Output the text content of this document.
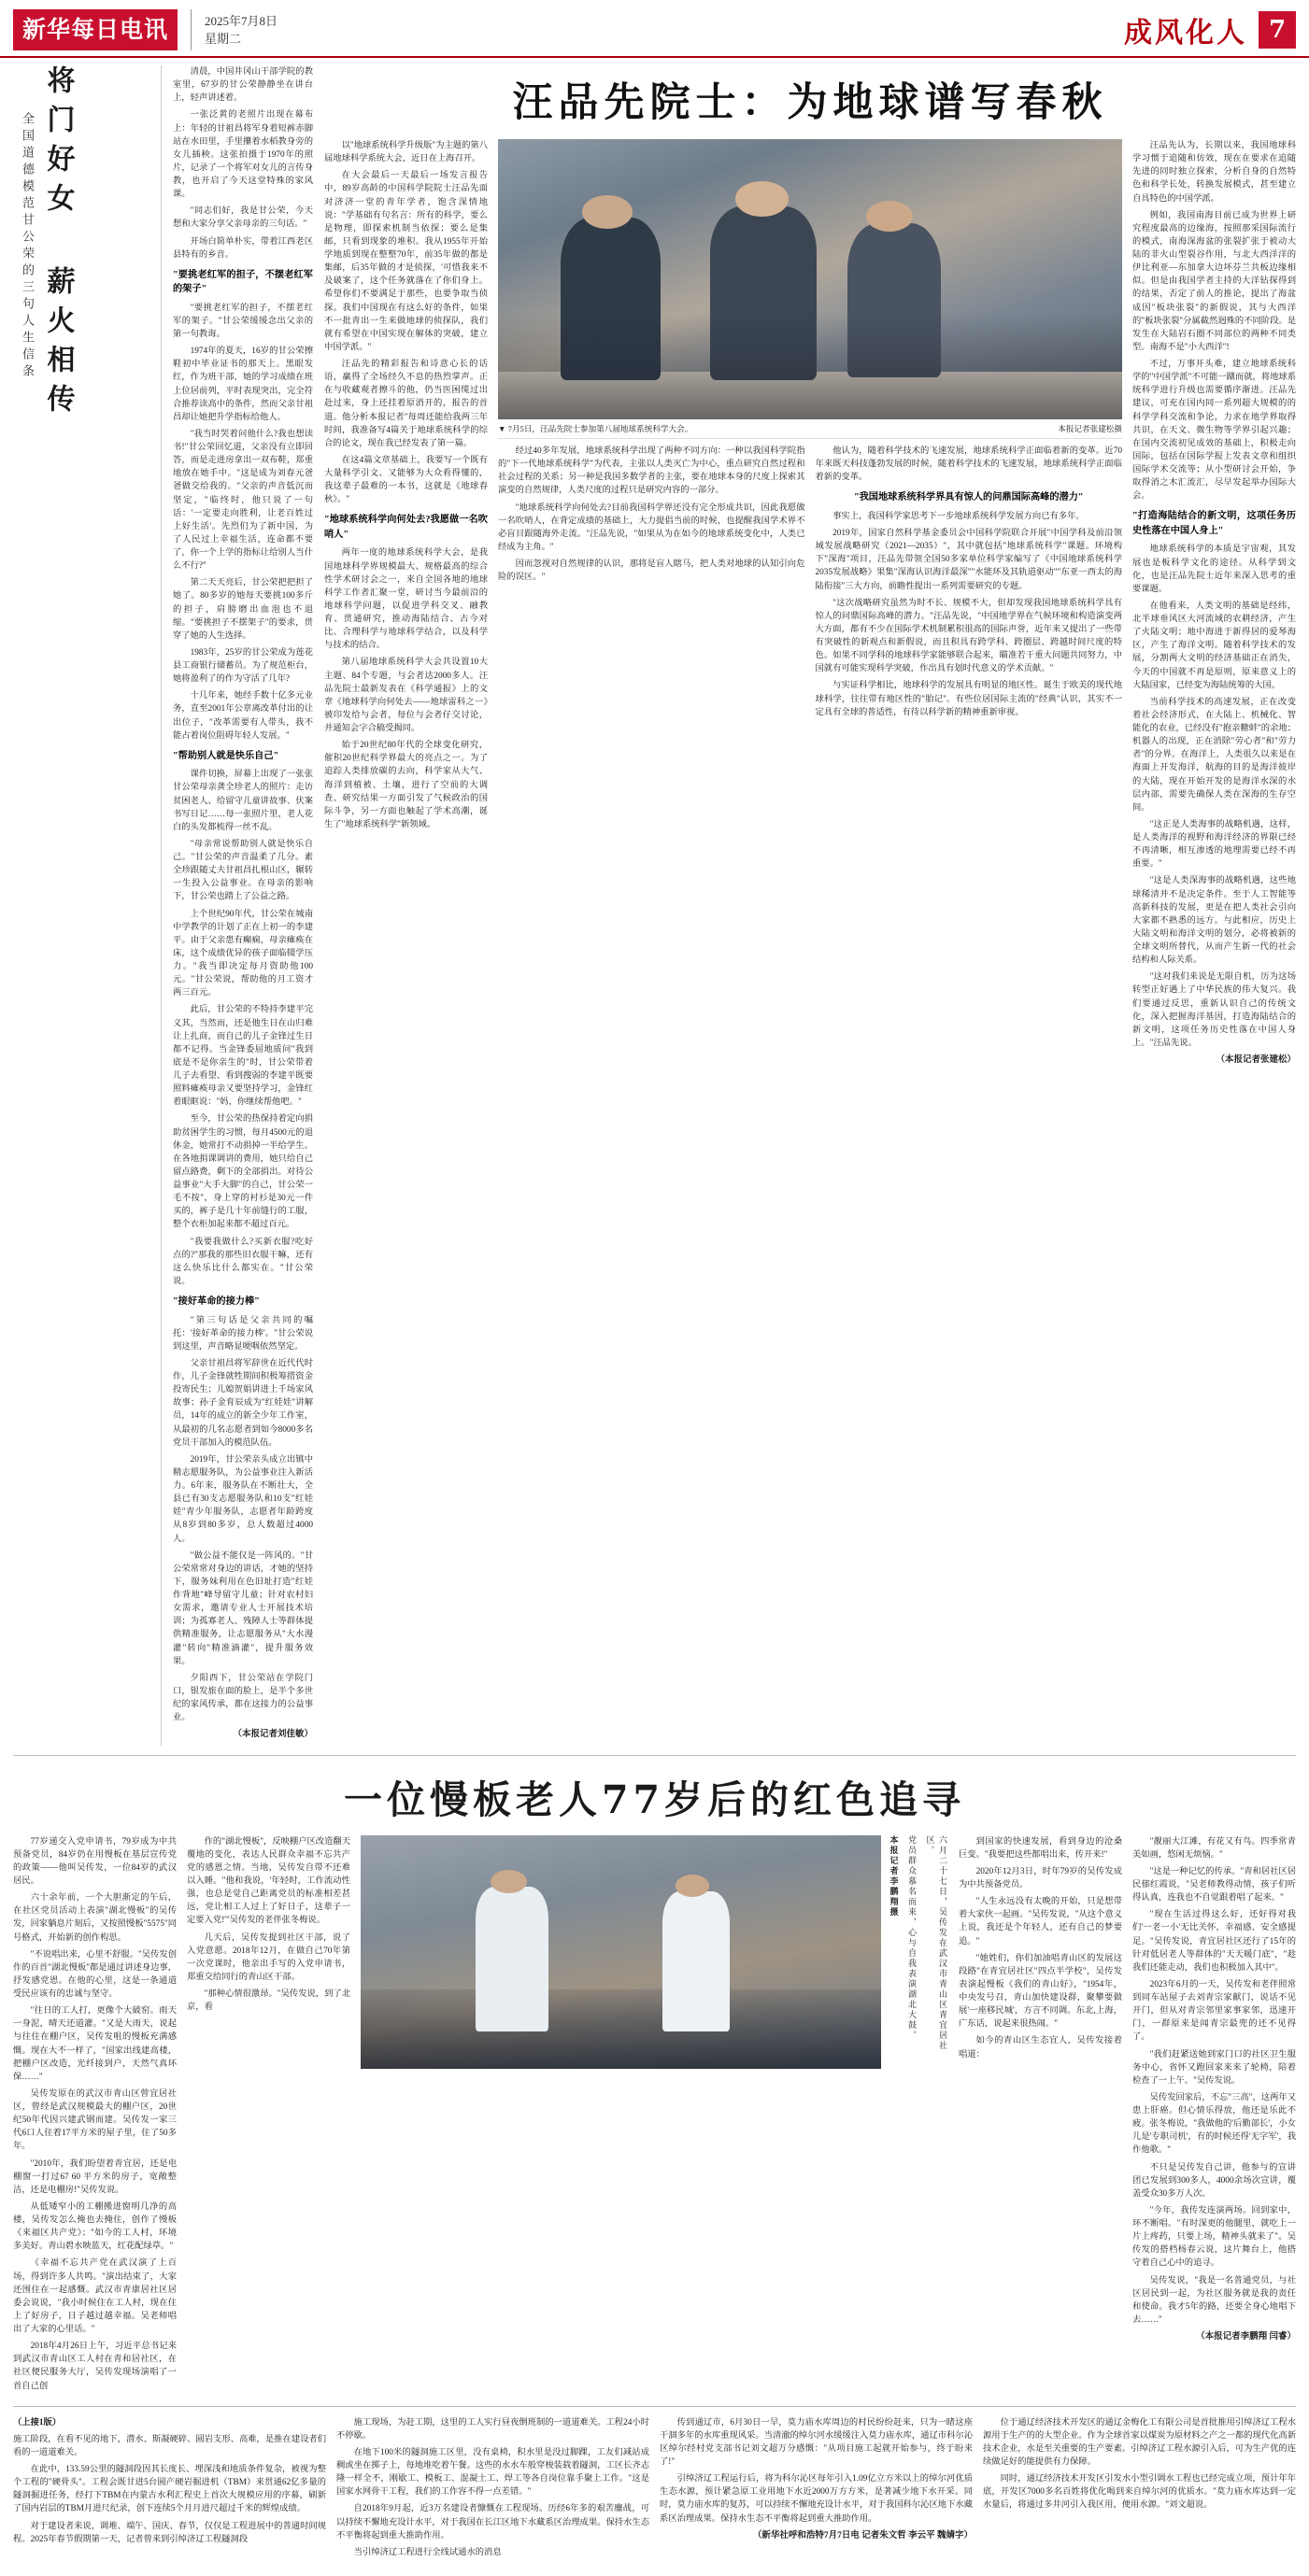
新华每日电讯	2025年7月8日
星期二	成风化人 7
将门好女 薪火相传
全国道德模范甘公荣的三句人生信条

清晨，中国井冈山干部学院的教室里，67岁的甘公荣静静坐在讲台上，轻声讲述着。

一张泛黄的老照片出现在幕布上：年轻的甘祖昌将军身着短裤赤脚站在水田里，手里攥着水稻教身旁的女儿插秧。这张拍摄于1970年的照片，记录了一个将军对女儿的言传身教，也开启了今天这堂特殊的家风课。

"同志们好，我是甘公荣，今天想和大家分享父亲母亲的三句话。"

开场白简单朴实，带着江西老区县特有的乡音。

"要挑老红军的担子，不摆老红军的架子"

"要挑老红军的担子，不摆老红军的架子。"甘公荣缓缓念出父亲的第一句教诲。

1974年的夏天，16岁的甘公荣擦鞋初中毕业证书的那天上。黑眼发红，作为班干部，她的学习成绩在班上位居前列，平时表现突出，完全符合推荐读高中的条件，然而父亲甘祖昌却让她把升学指标给他人。

"我当时哭着问他什么?我也想读书!"甘公荣回忆道，父亲没有立即回答，而是走进房拿出一双布鞋，郑重地放在她手中。"这是成为刘春元爸爸做交给我的。"父亲的声音低沉而坚定，"临终时，他只说了一句话：'一定要走向胜利，让老百姓过上好生活'。先烈们为了新中国，为了人民过上幸福生活，连命都不要了，你一个上学的指标让给别人当什么不行?"

第二天天亮后，甘公荣把把担了她了。80多岁的她每天要挑100多斤的担子，肩膀磨出血泡也不退缩。"要挑担子不摆架子"的要求，贯穿了她的人生选择。

1983年，25岁的甘公荣成为莲花县工商银行储蓄员。为了规范柜台，她将盈利了的作为守活了几年?

十几年来，她经手数十亿多元业务，直至2001年公章离改革付出的让出位子，"改革需要有人带头，我不能占着岗位阻碍年轻人发展。"

"帮助别人就是快乐自己"

课件切换，屏幕上出现了一张张甘公荣母亲龚全珍老人的照片：走访贫困老人、给留守儿童讲故事、伏案书写日记……每一张照片里，老人花白的头发都梳得一丝不乱。

"母亲常说帮助别人就是快乐自己。"甘公荣的声音温柔了几分。素全珍跟随丈夫甘祖昌扎根山区，辗转一生投入公益事业。在母亲的影响下，甘公荣也踏上了公益之路。

上个世纪90年代，甘公荣在城南中学教学的计划了正在上初一的李建平。由于父亲患有癫痫，母亲瘫痪在床，这个成绩优异的孩子面临辍学压力。"我当即决定每月资助他100元。"甘公荣说，帮助他的月工资才两三百元。

此后，甘公荣的不特持李建平完义其，当然而，还是他生日在山归难让上扎商，而自己的儿子金锋过生日都不记得。当金锋委屈地质问"我到底是不是你亲生的"时，甘公荣带着儿子去看望、看到搜弱的李建平既要照料瘫痪母亲又要坚持学习，金锋红着眼眶说："妈，你继续帮他吧。"

至今，甘公荣的热保持着定向捐助贫困学生的习惯，每月4500元的退休金，她常打不动捐掉一半给学生。在各地捐课调讲的费用，她只给自己留点路费，剩下的全部捐出。对待公益事业"大手大脚"的自己，甘公荣一毛不按"，身上穿的衬衫是30元一件买的，裤子是几十年前缝行的工服，整个衣柜加起来都不超过百元。

"我要我做什么?买新衣服?吃好点的?"那我的那些旧衣服干嘛，还有这么快乐比什么都实在。"甘公荣说。

"接好革命的接力棒"

"第三句话是父亲共同的嘱托：'接好革命的接力棒'。"甘公荣说到这里，声音略显哽咽依然坚定。

父亲甘祖昌将军辞世在近代代时作，儿子金锋就牲期间积极筹措资金投寄民生；儿媳贺娟讲进上千场家风故事；孙子金育辰成为"红娃娃"讲解员，14年的成立的新全少年工作室，从最初的几名志愿者到如今8000多名党员干部加入的模范队伍。

2019年，甘公荣亲头成立出镇中精志愿服务队，为公益事业注入新活力。6年来，服务队在不断壮大，全县已有30支志愿服务队和10支"红娃娃"青少年服务队，志愿者年龄跨度从8岁到80多岁，总人数超过4000人。

"做公益不能仅是一阵风的。"甘公荣常常对身边的讲话，才她的坚持下，服务妹利用在色旧址打造"红娃作背地"峰导留守儿童；针对农村妇女需求，邀请专业人士开展技术培训；为孤寡老人、残障人士等群体提供精准服务，让志愿服务从"大水漫灌"转向"精准滴灌"，提升服务效果。

夕阳西下，甘公荣站在学院门口，银发旅在面的脸上，是半个多世纪的家风传承，都在这接力的公益事业。

（本报记者刘佳敏）

汪品先院士：为地球谱写春秋

以"地球系统科学升级版"为主题的第八届地球科学系统大会，近日在上海召开。

在大会最后一天最后一场发言报告中，89岁高龄的中国科学院院士汪品先面对济济一堂的青年学者，饱含深情地说："学基础有句名言：所有的科学，要么是物理，即探索机制当依探；要么是集邮，只看到现象的堆积。我从1955年开始学地质到现在整整70年，前35年做的都是集邮，后35年做的才是侦探，'可惜我来不及破案了，这个任务就落在了你们身上。希望你们不要满足于那些，也要争取当侦探。我们中国现在有这么好的条件，如果不一批青出一生来做地球的侦探队，我们就有希望在中国实现在解体的突破，建立中国学派。"

汪品先的精彩报告和诗意心长的话语，赢得了全场经久不息的热烈掌声。正在与收藏观者擦斗的他，仍当医困缆过出赴过来，身上还挂着原消开的，报告的首道。他分析本报记者"每周还能给我两三年时间，我准备写4篇关于地球系统科学的综合的论文，现在我已经发表了第一篇。

在这4篇文章基础上，我要写一个既有大量科学引文、又能够为大众看得懂的，我这辈子最难的一本书，这就是《地球春秋》。"

"地球系统科学向何处去?我愿做一名吹哨人"

两年一度的地球系统科学大会，是我国地球科学界规模最大、规格最高的综合性学术研讨会之一，来自全国各地的地球科学工作者汇聚一堂，研讨当今最前沿的地球科学问题，以促进学科交叉、融教育、贯通研究，推动海陆结合、古今对比、合理科学与地球科学结合，以及科学与技术的结合。

第八届地球系统科学大会共设置10大主题、84个专题，与会者达2000多人。汪品先院士最新发表在《科学通报》上的文章《地球科学向何处去——地球雷科之一》被印发给与会者，每位与会者仔交讨论，并通知会字合稿受揭同。

始于20世纪80年代的全球变化研究，催积20世纪科学界最大的亮点之一。为了追踪人类排放碳的去向，科学家从大气、海洋到植被、土壤，进行了空前的大调查、研究结果一方面引发了气候政治的国际斗争，另一方面也触起了学术高潮，诞生了"地球系统科学"新领域。

▼ 7月5日，汪品先院士参加第八届地球系统科学大会。	本报记者张建松摄

经过40多年发展，地球系统科学出现了两种不同方向：一种以我国科学院指的"下一代地球系统科学"为代表，主张以人类灭亡为中心，重点研究自然过程和社会过程的关系；另一种是我国多数学者的主张，要在地球本身的尺度上探索其演变的自然规律，人类尺度的过程只是研究内容的一部分。

"地球系统科学向何处去?目前我国科学界还没有完全形成共识，因此我愿做一名吹哨人，在背定成绩的基础上，大力提倡当前的时候，也提醒我国学术界不必盲目跟随海外走流。"汪品先说，"如果从为在如今的地球系统变化中，人类已经成为主角。"

因而忽视对自然规律的认识，那将是盲人瞎马，把人类对地球的认知引向危险的误区。"

他认为，随着科学技术的飞速发展，地球系统科学正面临着新的变革。近70年来既天科技蓬勃发展的时候，随着科学技术的飞速发展，地球系统科学正面临着新的变革。

"我国地球系统科学界具有惊人的问鼎国际高峰的潜力"

事实上，我国科学家思考下一步地球系统科学发展方向已有多年。

2019年，国家自然科学基金委员会中国科学院联合开展"中国学科及前沿领域发展战略研究（2021—2035）"，其中就包括"地球系统科学"课题。环境构下"深海"项目，汪品先带领全国50多家单位科学家编写了《中国地球系统科学2035发展战略》果集"深海认识海洋最深""水能环及其轨道驱动""东亚一西太的海陆衔接"三大方向，前瞻性提出一系列需要研究的专题。

"这次战略研究虽然为时不长、规模不大，但却发现我国地球系统科学具有惊人的问鼎国际高峰的潜力。"汪品先说，"中国地学界在气候环境和构造演变两大方面，都有不少在国际学术机制累积很高的国际声誉，近年来又提出了一些带有突破性的新观点和新假说，而且积具有跨学科、跨圈层、跨越时间尺度的特色。如果不同学科的地球科学家能够联合起来，瞄准若干重大问题共同努力，中国就有可能实现科学突破，作出具有划时代意义的学术贡献。"

与实证科学相比，地球科学的发展具有明显的地区性。诞生于欧美的现代地球科学，往往带有地区性的"胎记"。有些位居国际主流的"经典"认识，其实不一定具有全球的普适性，有待以科学新的精神重新审视。

汪品先认为，长期以来，我国地球科学习惯于追随和仿效，现在在要求在追随先进的同时独立探索，分析自身的自然特色和科学长处，转换发展模式，甚至建立自具特色的中国学派。

例如，我国南海目前已成为世界上研究程度最高的边缘海，按照那采国际流行的模式，南海深海盆的张裂扩张于被动大陆的非火山型裂谷作用，与北大西洋洋的伊比利亚—东加拿大边坏芬兰共板边缘相似。但是由我国学者主持的大洋钻探得到的结果，否定了前人的推论，提出了海盆成因"板块张裂"的新假说，其与大西洋的"板块张裂"分属截然迥殊的不同阶段。是发生在大陆岩石圈不同部位的两种不同类型。南海不是"小大西洋"!

不过，万事开头难，建立地球系统科学的"中国学派"不可能一蹴而就，将地球系统科学进行升级也需要循序渐进。汪品先建议，可充在国内同一系列超大规模的的科学学科交流和争论，力求在地学界取得共识，在天文、微生物等学界引起兴趣；在国内交流初见成效的基础上，积极走向国际，包括在国际学报上发表文章和组织国际学术交流等；从小型研讨会开始，争取得消之木汇流汇，尽早发起举办国际大会。

"打造海陆结合的新文明，这项任务历史性落在中国人身上"

地球系统科学的本质是宇宙观，其发展也是板科学文化的途径。从科学到文化，也是汪品先院士近年来深入思考的重要课题。

在他看来，人类文明的基础是经纬，北半球垂风区大河流域的农耕经济，产生了火陆文明；地中海进于新得居的爱琴海区，产生了海洋文明。随着科学技术的发展，分割两大文明的经济基础正在消失，今天的中国就不再是原则，原来意义上的大陆国家，已经变为海陆统筹的大国。

当前科学技术的高速发展，正在改变着社会经济形式，在大陆上、机械化、智能化的农业，已经没有"抱亲糖蚌"的余地；机器人的出现，正在消除"劳心者"和"劳力者"的分界。在海洋上，人类很久以来是在海面上开发海洋，航海的目的是海洋彼岸的大陆，现在开始开发的是海洋水深的水层内部，需要先确保人类在深海的生存空间。

"这正是人类海事的战略机遇，这样，是人类海洋的视野和海洋经济的界限已经不再清晰，相互渗透的地理需要已经不再重要。"

"这是人类深海事的战略机遇，这些地球稀清并不是决定条件。至于人工智能等高新科技的发展，更是在把人类社会引向大家都不熟悉的远方。与此相应，历史上大陆文明和海洋文明的划分，必将被新的全球文明所替代，从而产生新一代的社会结构和人际关系。

"这对我们来说是无限自机，历为这场转型正好遇上了中华民族的伟大复兴。我们要通过反思，重新认识自己的传统文化，深入把握海洋基因，打造海陆结合的新文明，这项任务历史性落在中国人身上。"汪品先说。

（本报记者张建松）

一位慢板老人77岁后的红色追寻

77岁递交入党申请书，79岁成为中共预备党员，84岁仍在用慢板在基层宣传党的政策——他叫吴传发，一位84岁的武汉居民。

六十余年前，一个大胆渐定的午后，在社区党员活动上表演"湖北慢板"的吴传发，回家躺息片刻后，又按照慢板"5575"同号格式，开始新的创作构思。

"不说唱出来，心里不舒服。"吴传发创作的百首"湖北慢板"都是通过讲述身边事，抒发感党恩。在他的心里，这是一条通道受民应该有的忠诚与坚守。

"往日的工人打，更像个大破窑。雨天一身泥，晴天还道灌。"又是大雨天，说起与往住在棚户区，吴传发咀的慢板充满感慨。现在大不一样了，"国家出线建高楼，把棚户区改造，光纤接到户，天然气真环保……"

吴传发原在的武汉市青山区曾宜居社区，曾经是武汉规模最大的棚户区，20世纪50年代因兴建武钢而建。吴传发一家三代6口人住着17平方米的屋子里，住了50多年。

"2010年，我们盼望着青宜居，还是电棚窗一打过67 60 平方米的房子，宽敞整洁，还是电棚房!"吴传发说。

从低矮窄小的工棚搬进窗明几净的高楼，吴传发怎么掩也去掩住，创作了慢板《来福区共产党》；"如今的工人村，环境多美好。青山碧水映蓝天，红花配绿草。"

《幸福不忘共产党在武汉演了上百场，得到许多人共鸣。"演出结束了，大家还围住在一起感慨。武汉市青康居社区居委会说说，"我小时候住在工人村，现在住上了好房子，日子越过越幸福。吴老师唱出了大家的心里话。"

2018年4月26日上午，习近平总书记来到武汉市青山区工人村在青和居社区，在社区便民服务大厅，吴传发现场演唱了一首自己创

作的"湖北慢板"，反映棚户区改造翻天覆地的变化，表达人民群众幸福不忘共产党的感恩之情。当地，吴传发自带不还难以入睡。"他和我说，'年轻时，工作流动性强，也总是觉自己距离党员的标准相差甚远，党让相工人过上了好日子，这辈子一定要入党!'"吴传发的老伴张冬梅说。

几天后，吴传发提到社区干部，说了入党意愿。2018年12月，在做自己70年第一次党课时，他亲出手写的入党申请书，郑重交给同行的青山区干部。

"那种心情很激昂。"吴传发说，到了北京，看

本报记者李鹏翔摄 党员群众慕名而来，心与自我表演湖北大鼓。	六月二十七日，吴传发在武汉市青山区青宜居社区。	到国家的快速发展，看到身边的沧桑巨变。"我要把这些都唱出来，传开来!"

2020年12月3日，时年79岁的吴传发成为中共预备党员。

"人生永远没有太晚的开始，只是想带着大家伙一起画。"吴传发说，"从这个意义上说，我还是个年轻人，还有自己的梦要追。"

"她姓们，你们加油唱青山区的发展这段路"在青宜居社区"四点半学校"，吴传发表演起慢板《我们的青山好》，"1954年，中央发号召，青山加快建设群，聚攀要做展'一座移民城'，方言不同调。东北,上海，广东话，说起来很热闹。"

如今的青山区生态宜人，吴传发接着唱道：

"靓丽大江滩，有花又有鸟。四季常青美如画，悠闲无烦恼。"

"这是一种记忆的传承。"青和居社区居民郁红霞说，"吴老师教得动情，孩子们听得认真，连我也不自觉跟着唱了起来。"

"现在生活过得这么好，还好得对我们'一老一小'无比关怀，幸福感、安全感提足。"吴传发说，青宜居社区还行了15年的针对低居老人等群体的"天天暖门底"，"趁我们还能走动，我们也积极加入其中"。

2023年6月的一天，吴传发和老伴照常到同车站屋子去刘青宗家献门，说话不见开门，但从对青宗邻里家事家邻，迅速开门，一群原来是闻青宗最兜的还不见得了。

"我们赶紧送她到家门口的社区卫生服务中心，省怀又跑回家来来了轮椅，陪着检查了一上午。"吴传发说。

吴传发回家后，不忘"三高"，这两年又患上肝癌。但心情乐得放，他还是乐此不疲。张冬梅说，"我做他的'后勤部长'，小女儿是'专职司机'，有的时候还得'无字军'，我作他歌。"

不只是吴传发自己讲，他参与的宣讲团已发展到300多人，4000余场次宣讲，覆盖受众30多万人次。

"今年，我传发连演两场。回到家中，环不断唱。"有时深更的他腿里，就吃上一片上疼药，只要上场，精神头就来了"。吴传发的搭档杨春云说，这片舞台上，他搭守着自己心中的追寻。

吴传发说，"我是一名普通党员，与社区居民到一起，为社区服务就是我的责任和使命。我才5年的路，还要全身心地唱下去……"

（本报记者李鹏翔 闫睿）

（上接1版）

施工阶段，在看不见的地下，潜水、斯凝硬碎、圆岩支形、高难，是推在建设者们看的一道道难关。

在此中，133.59公里的隧洞段因其长度长、埋深浅和地质条件复杂，被视为整个工程的"硬骨头"。工程会既甘进5台圆产硬岩掘进机（TBM）来贯通62亿多量的隧洞掘进任务，经打下TBM在内蒙古水利汇程史上首次大规模应用的序幕，刷新了国内岩层的TBM月进尺纪录，创下连续5个月月进尺超过千米的辉煌成绩。

对于建设者来说，调堆、端午、国庆、春节，仅仅是工程进展中的普通时间规程。2025年春节假期第一天，记者曾来到引绰济辽工程隧洞段

施工现场，为赶工期，这里的工人实行昼夜倒班制的一道道难关。工程24小时不停歇。

在地下100米的隧洞施工区里，没有桌椅，积水里是没过脚踝，工友们减站成稠或坐在掷子上，每地堆吃着午餐。这些的水水车般穿梭装载着隧洞，工区长齐志隆一样全不，刚歇工、模板工、混凝土工、焊工等各自岗位靠手聚上工作。"这是国家水网骨干工程，我们的工作容不得一点差错。"

自2018年9月起，近3万名建设者慷慨在工程现场。历经6年多的艰苦鏖战，可以持续不懈地充设计水平，对于我国在长江区地下水藏系区治理成果。保持水生态不平衡将起到重大推助作用。

当引绰济辽工程进行全线试通水的消息

传到通辽市，6月30日一早，莫力庙水库周边的村民纷纷赶来，只为一睹这座干涸多年的水库重现风采。当清澈的绰尔河水缓缓注入莫力庙水库，通辽市科尔沁区绰尔经村党支部书记刘文超万分感慨："从项目施工起就开始参与，终于盼来了!"

引绰济辽工程运行后，将为科尔沁区每年引入1.09亿立方米以上的绰尔河优质生态水源，预计紧急原工业用地下水近2000万方方米，是著减少地下水开采。同时，莫力庙水库的复苏，可以持续不懈地充设计水平，对于我国科尔沁区地下水藏系区治理成果。保持水生态不平衡将起到重大推助作用。

（新华社呼和浩特7月7日电 记者朱文哲 李云平 魏婧字）

位于通辽经济技术开发区的通辽金梅化工有限公司是首批推用引绰济辽工程水源用于生产的的大型企业。作为全球首家以煤炭为原材料之产之一都的现代化高新技术企业，水是至关重要的生产要素。引绰济辽工程水源引入后，可为生产优的连续做足好的能提供有力保障。

同时，通辽经济技术开发区引发水小型引调水工程也已经完成立项，预计年年底，开发区7000多名百姓将优化喝到来自绰尔河的优质水。"莫力庙水库达到一定水量后，将通过多井河引入我区用，便用水源。"刘文超说。
